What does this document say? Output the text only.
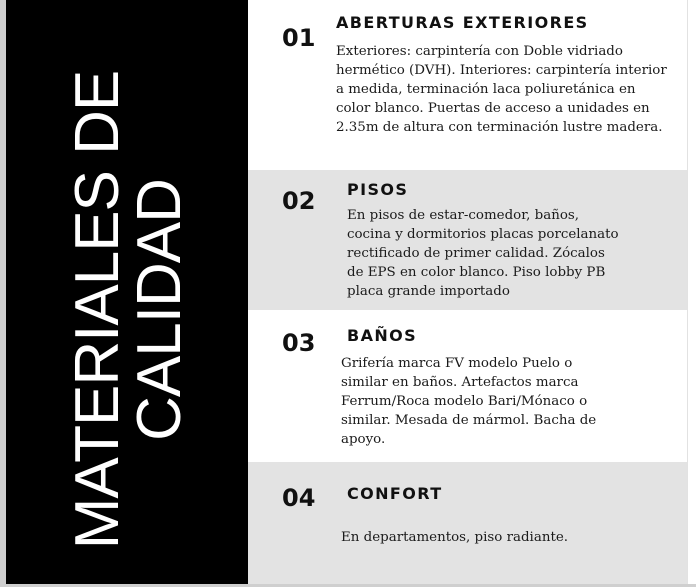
MATERIALES DE
CALIDAD
01
ABERTURAS EXTERIORES
Exteriores: carpintería con Doble vidriado hermético (DVH). Interiores: carpintería interior a medida, terminación laca poliuretánica en color blanco. Puertas de acceso a unidades en 2.35m de altura con terminación lustre madera.
02 PISOS
En pisos de estar-comedor, baños, cocina y dormitorios placas porcelanato rectificado de primer calidad. Zócalos de EPS en color blanco. Piso lobby PB placa grande importado
03 BAÑOS
Grifería marca FV modelo Puelo o similar en baños. Artefactos marca Ferrum/Roca modelo Bari/Mónaco o similar. Mesada de mármol. Bacha de apoyo.
04 CONFORT
En departamentos, piso radiante.
